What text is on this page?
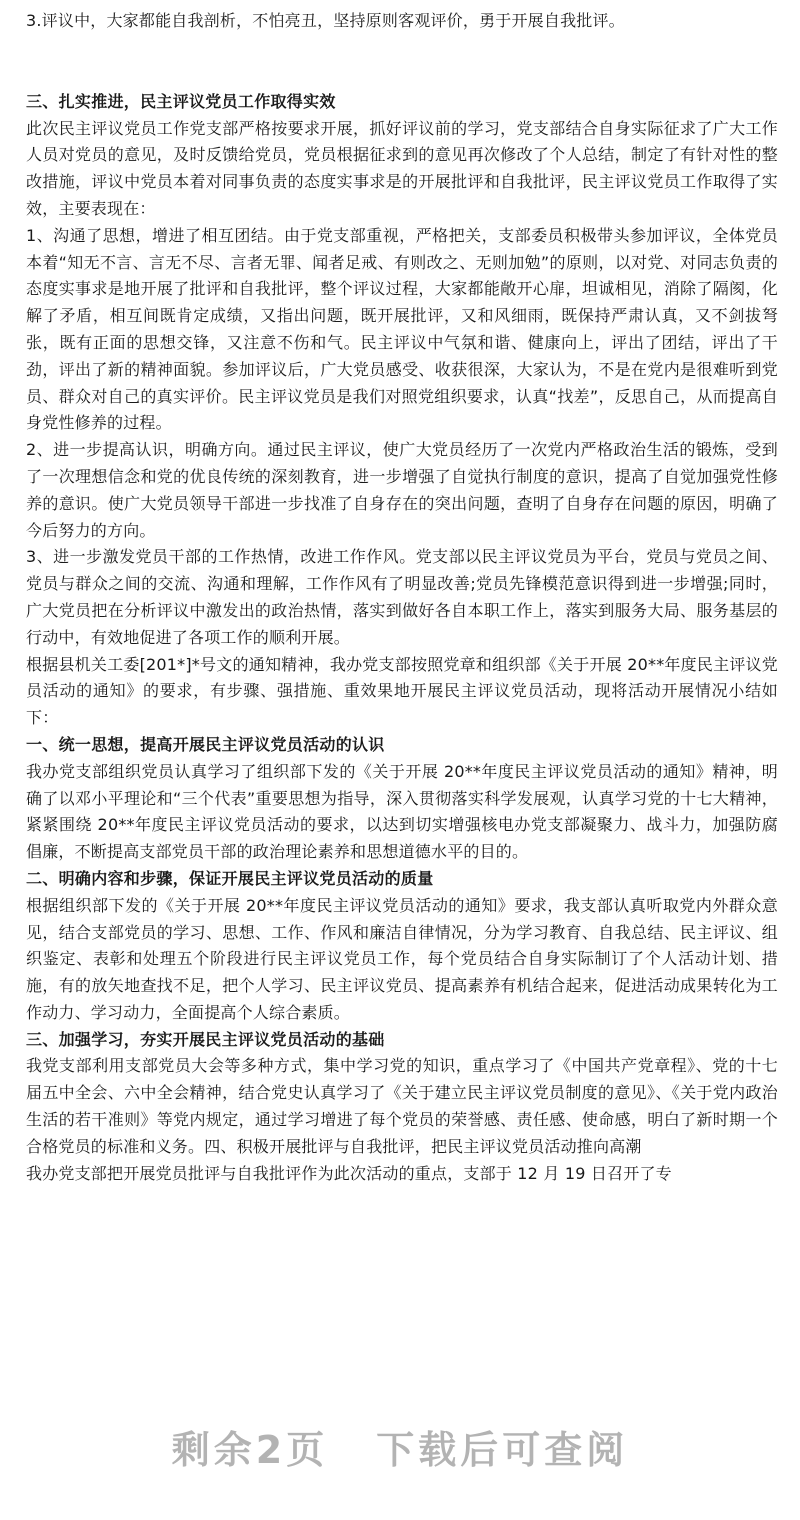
3.评议中，大家都能自我剖析，不怕亮丑，坚持原则客观评价，勇于开展自我批评。

三、扎实推进，民主评议党员工作取得实效

此次民主评议党员工作党支部严格按要求开展，抓好评议前的学习，党支部结合自身实际征求了广大工作人员对党员的意见，及时反馈给党员，党员根据征求到的意见再次修改了个人总结，制定了有针对性的整改措施，评议中党员本着对同事负责的态度实事求是的开展批评和自我批评，民主评议党员工作取得了实效，主要表现在：

1、沟通了思想，增进了相互团结。由于党支部重视，严格把关，支部委员积极带头参加评议，全体党员本着“知无不言、言无不尽、言者无罪、闻者足戒、有则改之、无则加勉”的原则，以对党、对同志负责的态度实事求是地开展了批评和自我批评，整个评议过程，大家都能敞开心扉，坦诚相见，消除了隔阂，化解了矛盾，相互间既肯定成绩，又指出问题，既开展批评，又和风细雨，既保持严肃认真，又不剑拔弩张，既有正面的思想交锋，又注意不伤和气。民主评议中气氛和谐、健康向上，评出了团结，评出了干劲，评出了新的精神面貌。参加评议后，广大党员感受、收获很深，大家认为，不是在党内是很难听到党员、群众对自己的真实评价。民主评议党员是我们对照党组织要求，认真“找差”，反思自己，从而提高自身党性修养的过程。

2、进一步提高认识，明确方向。通过民主评议，使广大党员经历了一次党内严格政治生活的锻炼，受到了一次理想信念和党的优良传统的深刻教育，进一步增强了自觉执行制度的意识，提高了自觉加强党性修养的意识。使广大党员领导干部进一步找准了自身存在的突出问题，查明了自身存在问题的原因，明确了今后努力的方向。

3、进一步激发党员干部的工作热情，改进工作作风。党支部以民主评议党员为平台，党员与党员之间、党员与群众之间的交流、沟通和理解，工作作风有了明显改善;党员先锋模范意识得到进一步增强;同时，广大党员把在分析评议中激发出的政治热情，落实到做好各自本职工作上，落实到服务大局、服务基层的行动中，有效地促进了各项工作的顺利开展。

根据县机关工委[201*]*号文的通知精神，我办党支部按照党章和组织部《关于开展 20**年度民主评议党员活动的通知》的要求，有步骤、强措施、重效果地开展民主评议党员活动，现将活动开展情况小结如下：

一、统一思想，提高开展民主评议党员活动的认识

我办党支部组织党员认真学习了组织部下发的《关于开展 20**年度民主评议党员活动的通知》精神，明确了以邓小平理论和“三个代表”重要思想为指导，深入贯彻落实科学发展观，认真学习党的十七大精神，紧紧围绕 20**年度民主评议党员活动的要求，以达到切实增强核电办党支部凝聚力、战斗力，加强防腐倡廉，不断提高支部党员干部的政治理论素养和思想道德水平的目的。

二、明确内容和步骤，保证开展民主评议党员活动的质量

根据组织部下发的《关于开展 20**年度民主评议党员活动的通知》要求，我支部认真听取党内外群众意见，结合支部党员的学习、思想、工作、作风和廉洁自律情况，分为学习教育、自我总结、民主评议、组织鉴定、表彰和处理五个阶段进行民主评议党员工作，每个党员结合自身实际制订了个人活动计划、措施，有的放矢地查找不足，把个人学习、民主评议党员、提高素养有机结合起来，促进活动成果转化为工作动力、学习动力，全面提高个人综合素质。

三、加强学习，夯实开展民主评议党员活动的基础

我党支部利用支部党员大会等多种方式，集中学习党的知识，重点学习了《中国共产党章程》、党的十七届五中全会、六中全会精神，结合党史认真学习了《关于建立民主评议党员制度的意见》、《关于党内政治生活的若干准则》等党内规定，通过学习增进了每个党员的荣誉感、责任感、使命感，明白了新时期一个合格党员的标准和义务。四、积极开展批评与自我批评，把民主评议党员活动推向高潮

我办党支部把开展党员批评与自我批评作为此次活动的重点，支部于 12 月 19 日召开了专

剩余2页 下载后可查阅
